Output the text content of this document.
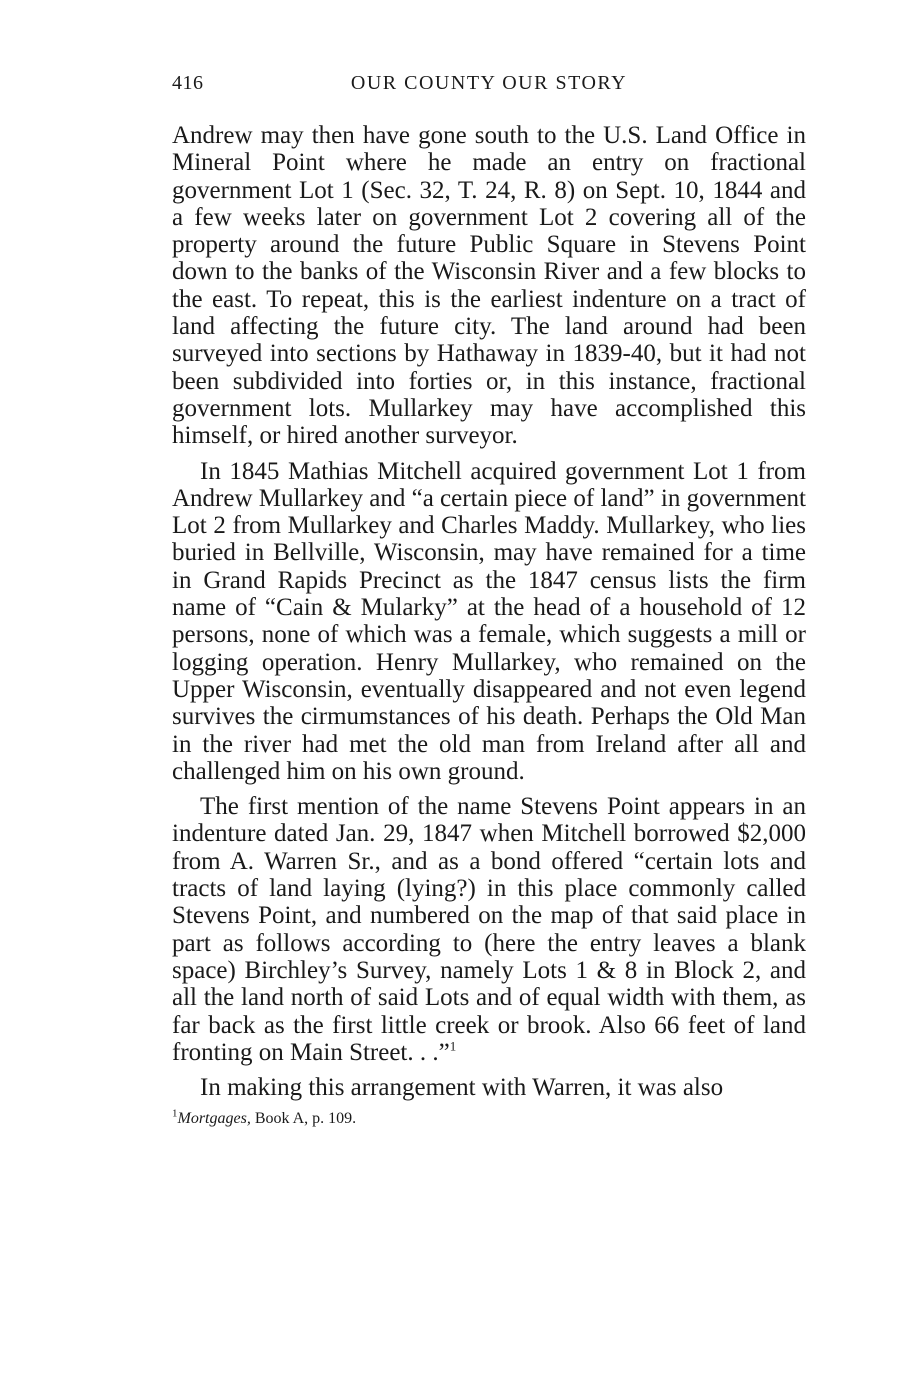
416	OUR COUNTY OUR STORY

Andrew may then have gone south to the U.S. Land Office in Mineral Point where he made an entry on fractional government Lot 1 (Sec. 32, T. 24, R. 8) on Sept. 10, 1844 and a few weeks later on government Lot 2 covering all of the property around the future Public Square in Stevens Point down to the banks of the Wisconsin River and a few blocks to the east. To repeat, this is the earliest indenture on a tract of land affecting the future city. The land around had been surveyed into sections by Hathaway in 1839-40, but it had not been subdivided into forties or, in this instance, fractional government lots. Mullarkey may have accomplished this himself, or hired another surveyor.

In 1845 Mathias Mitchell acquired government Lot 1 from Andrew Mullarkey and “a certain piece of land” in government Lot 2 from Mullarkey and Charles Maddy. Mullarkey, who lies buried in Bellville, Wisconsin, may have remained for a time in Grand Rapids Precinct as the 1847 census lists the firm name of “Cain & Mularky” at the head of a household of 12 persons, none of which was a female, which suggests a mill or logging operation. Henry Mullarkey, who remained on the Upper Wisconsin, eventually disappeared and not even legend survives the cirmumstances of his death. Perhaps the Old Man in the river had met the old man from Ireland after all and challenged him on his own ground.

The first mention of the name Stevens Point appears in an indenture dated Jan. 29, 1847 when Mitchell borrowed $2,000 from A. Warren Sr., and as a bond offered “certain lots and tracts of land laying (lying?) in this place commonly called Stevens Point, and numbered on the map of that said place in part as follows according to (here the entry leaves a blank space) Birchley’s Survey, namely Lots 1 & 8 in Block 2, and all the land north of said Lots and of equal width with them, as far back as the first little creek or brook. Also 66 feet of land fronting on Main Street. . .”$^1$

In making this arrangement with Warren, it was also

$^1$Mortgages, Book A, p. 109.
